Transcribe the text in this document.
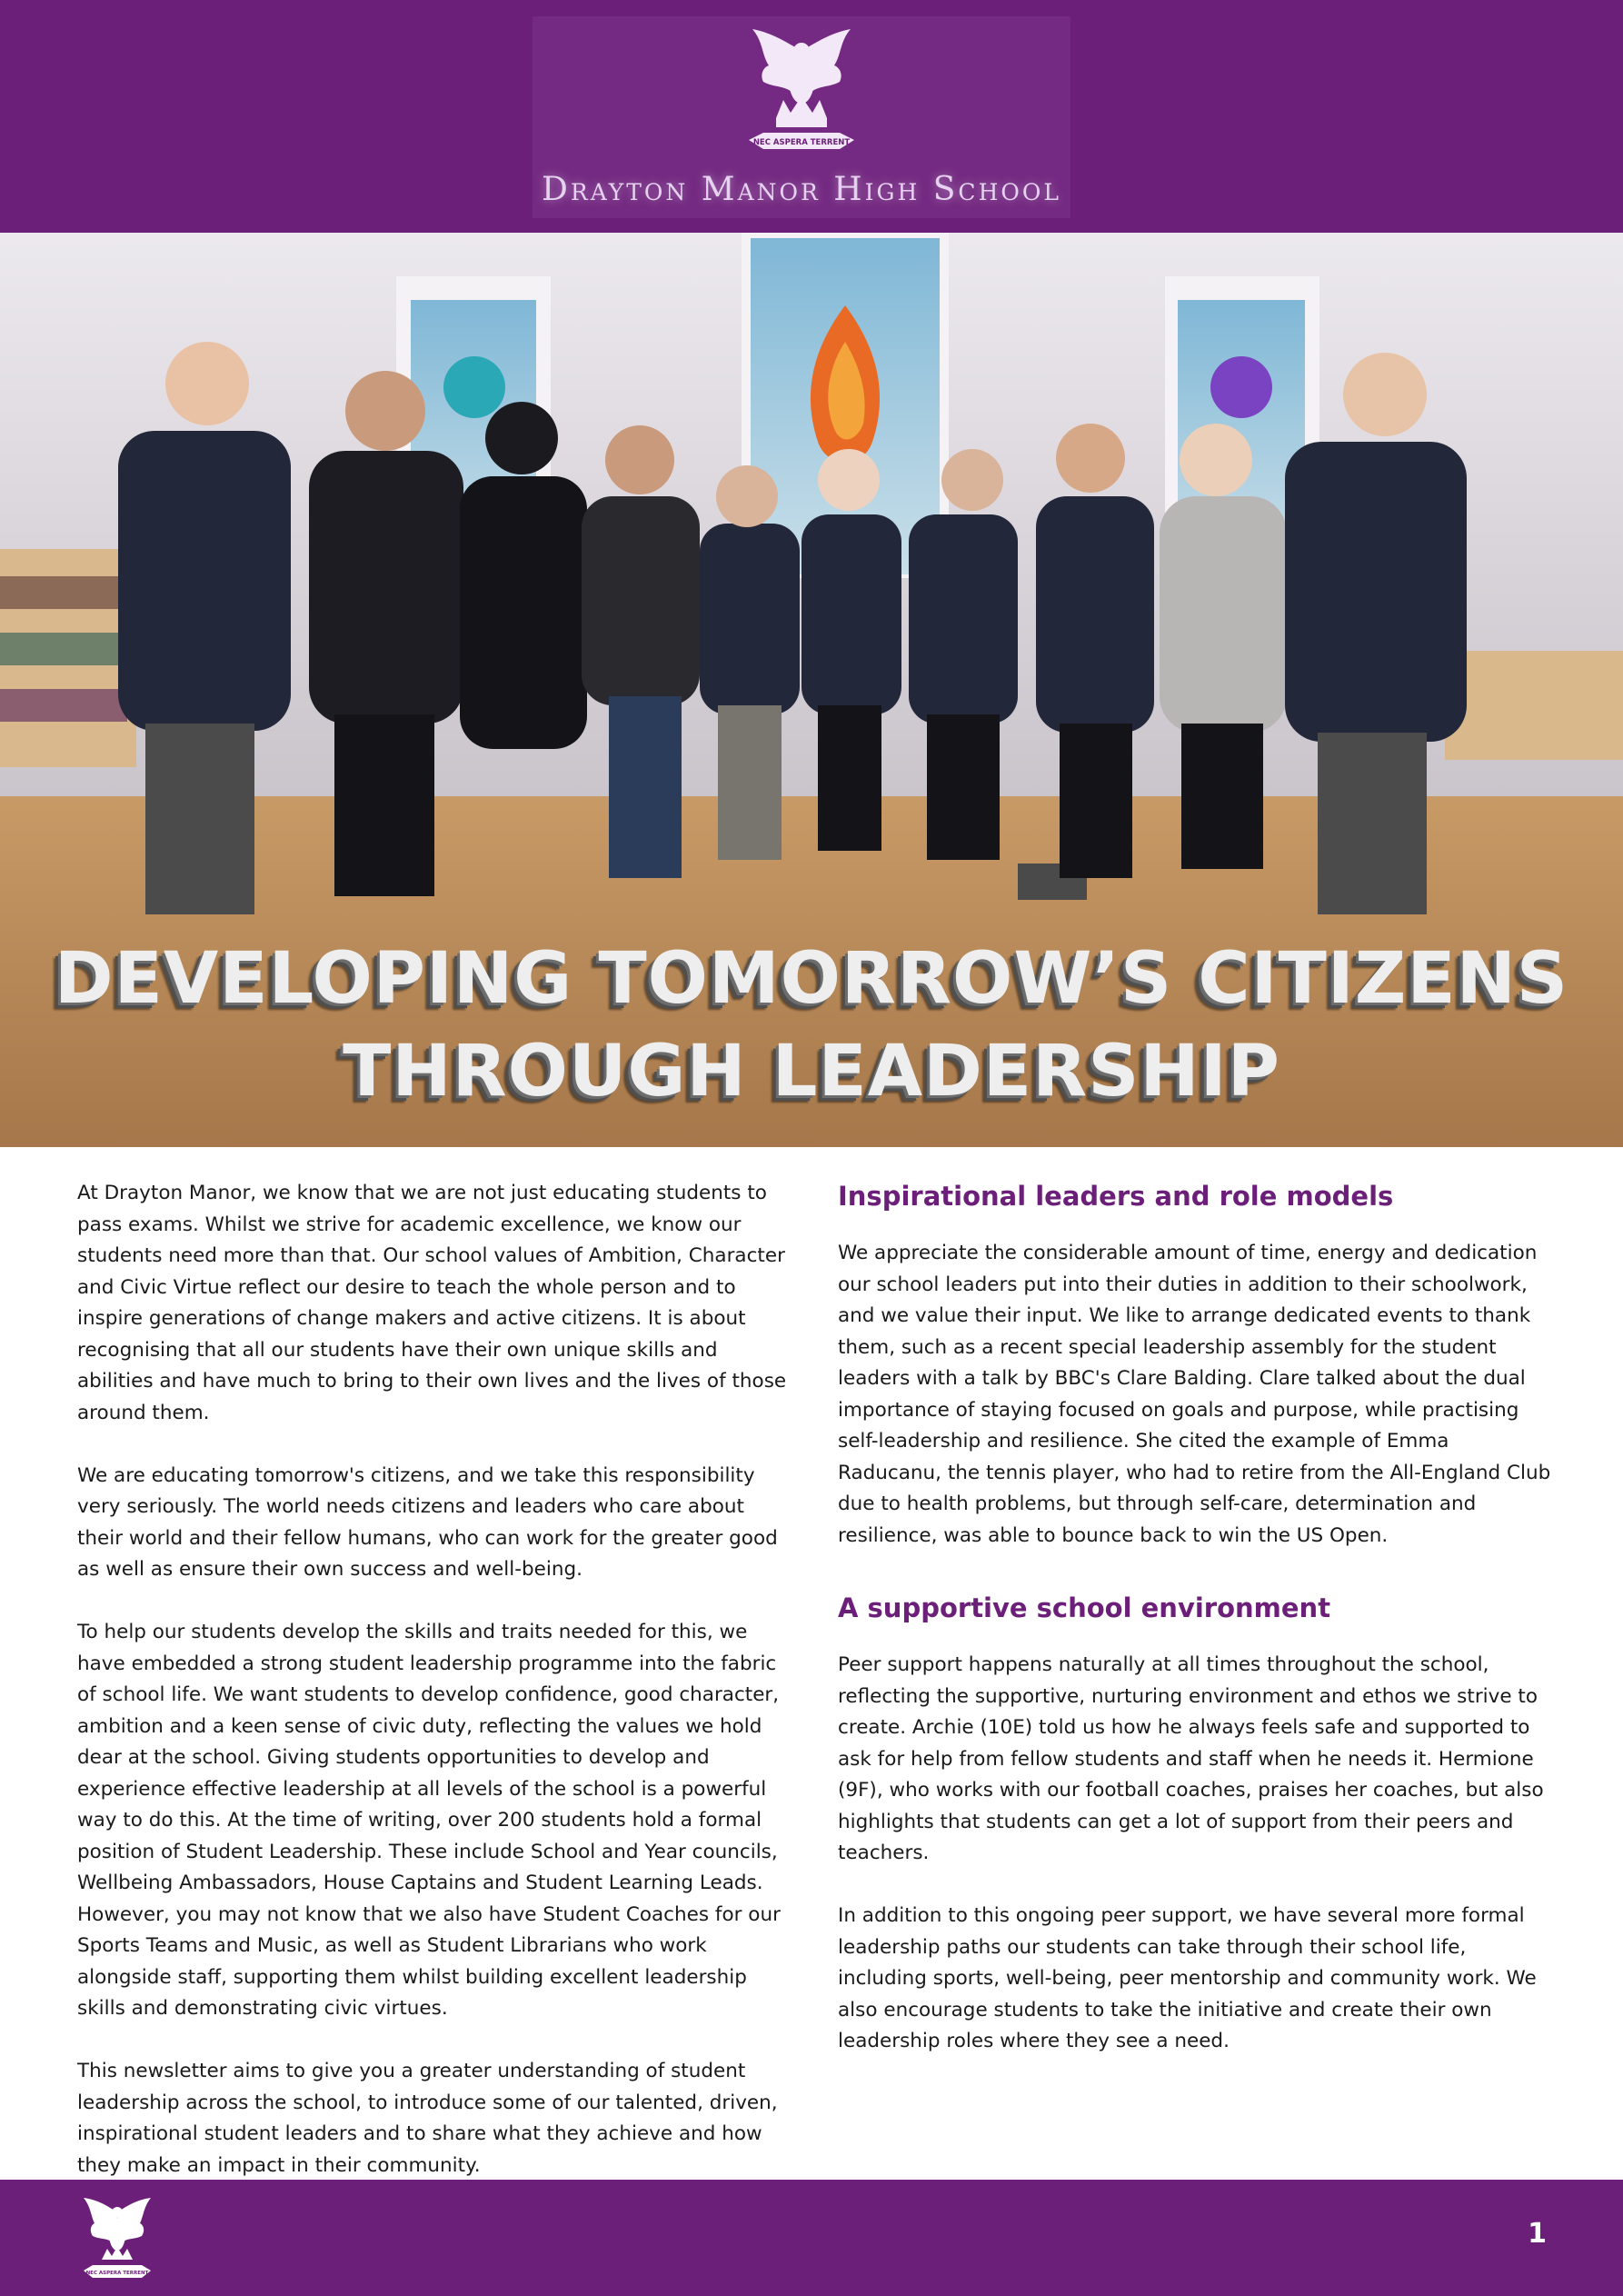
NEC ASPERA TERRENT
Drayton Manor High School
DEVELOPING TOMORROW’S CITIZENS
THROUGH LEADERSHIP

At Drayton Manor, we know that we are not just educating students to pass exams. Whilst we strive for academic excellence, we know our students need more than that. Our school values of Ambition, Character and Civic Virtue reflect our desire to teach the whole person and to inspire generations of change makers and active citizens. It is about recognising that all our students have their own unique skills and abilities and have much to bring to their own lives and the lives of those around them.

We are educating tomorrow's citizens, and we take this responsibility very seriously. The world needs citizens and leaders who care about their world and their fellow humans, who can work for the greater good as well as ensure their own success and well-being.

To help our students develop the skills and traits needed for this, we have embedded a strong student leadership programme into the fabric of school life. We want students to develop confidence, good character, ambition and a keen sense of civic duty, reflecting the values we hold dear at the school. Giving students opportunities to develop and experience effective leadership at all levels of the school is a powerful way to do this. At the time of writing, over 200 students hold a formal position of Student Leadership. These include School and Year councils, Wellbeing Ambassadors, House Captains and Student Learning Leads. However, you may not know that we also have Student Coaches for our Sports Teams and Music, as well as Student Librarians who work alongside staff, supporting them whilst building excellent leadership skills and demonstrating civic virtues.

This newsletter aims to give you a greater understanding of student leadership across the school, to introduce some of our talented, driven, inspirational student leaders and to share what they achieve and how they make an impact in their community.

Inspirational leaders and role models

We appreciate the considerable amount of time, energy and dedication our school leaders put into their duties in addition to their schoolwork, and we value their input. We like to arrange dedicated events to thank them, such as a recent special leadership assembly for the student leaders with a talk by BBC's Clare Balding. Clare talked about the dual importance of staying focused on goals and purpose, while practising self-leadership and resilience. She cited the example of Emma Raducanu, the tennis player, who had to retire from the All-England Club due to health problems, but through self-care, determination and resilience, was able to bounce back to win the US Open.

A supportive school environment

Peer support happens naturally at all times throughout the school, reflecting the supportive, nurturing environment and ethos we strive to create. Archie (10E) told us how he always feels safe and supported to ask for help from fellow students and staff when he needs it. Hermione (9F), who works with our football coaches, praises her coaches, but also highlights that students can get a lot of support from their peers and teachers.

In addition to this ongoing peer support, we have several more formal leadership paths our students can take through their school life, including sports, well-being, peer mentorship and community work. We also encourage students to take the initiative and create their own leadership roles where they see a need.

NEC ASPERA TERRENT
1
